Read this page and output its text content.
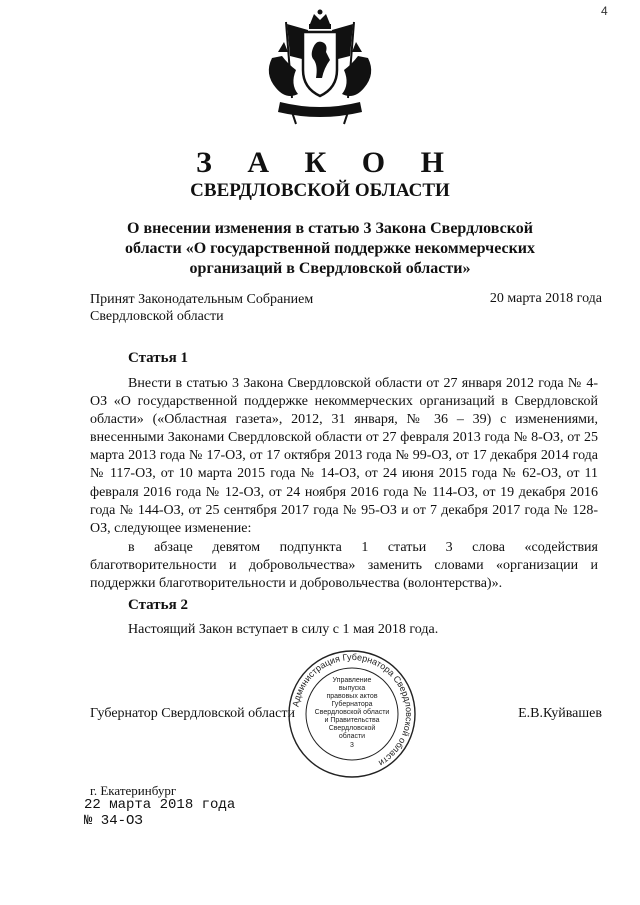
4
З А К О Н
СВЕРДЛОВСКОЙ ОБЛАСТИ
О внесении изменения в статью 3 Закона Свердловской
области «О государственной поддержке некоммерческих
организаций в Свердловской области»
Принят Законодательным Собранием
Свердловской области
20 марта 2018 года
Статья 1

Внести в статью 3 Закона Свердловской области от 27 января 2012 года № 4-ОЗ «О государственной поддержке некоммерческих организаций в Свердловской области» («Областная газета», 2012, 31 января, № 36 – 39) с изменениями, внесенными Законами Свердловской области от 27 февраля 2013 года № 8-ОЗ, от 25 марта 2013 года № 17-ОЗ, от 17 октября 2013 года № 99-ОЗ, от 17 декабря 2014 года № 117-ОЗ, от 10 марта 2015 года № 14-ОЗ, от 24 июня 2015 года № 62-ОЗ, от 11 февраля 2016 года № 12-ОЗ, от 24 ноября 2016 года № 114-ОЗ, от 19 декабря 2016 года № 144-ОЗ, от 25 сентября 2017 года № 95-ОЗ и от 7 декабря 2017 года № 128-ОЗ, следующее изменение:

в абзаце девятом подпункта 1 статьи 3 слова «содействия благотворительности и добровольчества» заменить словами «организации и поддержки благотворительности и добровольчества (волонтерства)».

Статья 2

Настоящий Закон вступает в силу с 1 мая 2018 года.

Губернатор Свердловской области	Е.В.Куйвашев
Администрация Губернатора Свердловской области
Управление
выпуска
правовых актов
Губернатора
Свердловской области
и Правительства
Свердловской
области
3
г. Екатеринбург
22 марта 2018 года
№ 34-ОЗ
